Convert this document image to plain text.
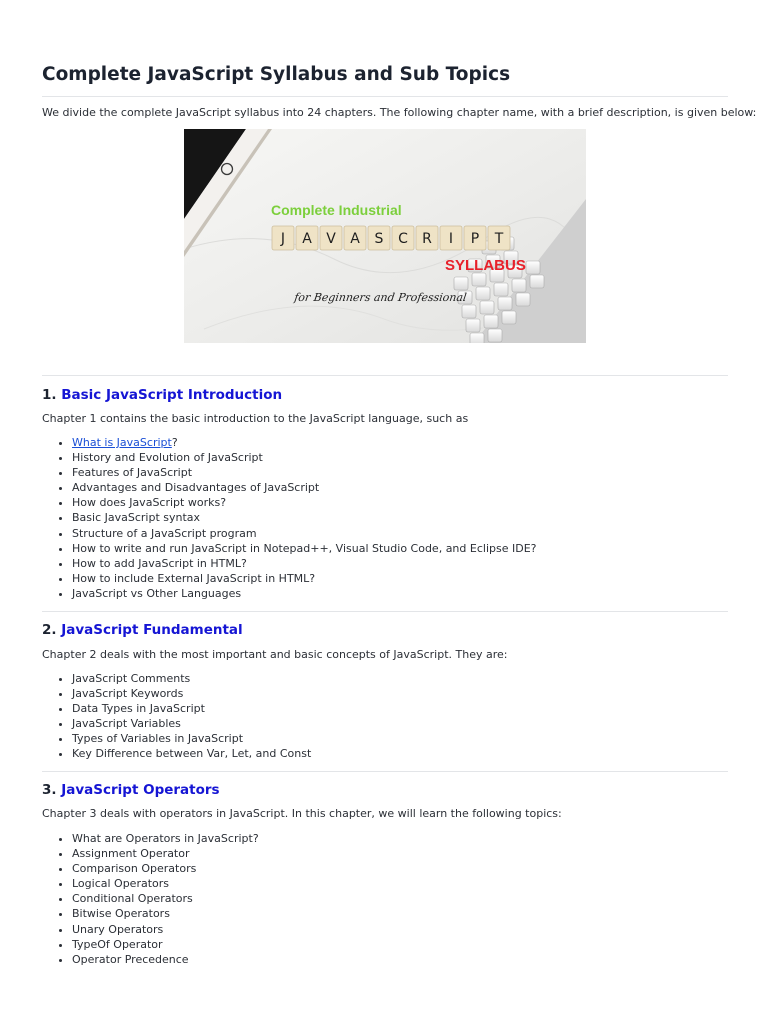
Complete JavaScript Syllabus and Sub Topics

We divide the complete JavaScript syllabus into 24 chapters. The following chapter name, with a brief description, is given below:

Complete Industrial
J A V A S C R I P T
SYLLABUS
for Beginners and Professional
1. Basic JavaScript Introduction

Chapter 1 contains the basic introduction to the JavaScript language, such as

• What is JavaScript?
• History and Evolution of JavaScript
• Features of JavaScript
• Advantages and Disadvantages of JavaScript
• How does JavaScript works?
• Basic JavaScript syntax
• Structure of a JavaScript program
• How to write and run JavaScript in Notepad++, Visual Studio Code, and Eclipse IDE?
• How to add JavaScript in HTML?
• How to include External JavaScript in HTML?
• JavaScript vs Other Languages
2. JavaScript Fundamental

Chapter 2 deals with the most important and basic concepts of JavaScript. They are:

• JavaScript Comments
• JavaScript Keywords
• Data Types in JavaScript
• JavaScript Variables
• Types of Variables in JavaScript
• Key Difference between Var, Let, and Const
3. JavaScript Operators

Chapter 3 deals with operators in JavaScript. In this chapter, we will learn the following topics:

• What are Operators in JavaScript?
• Assignment Operator
• Comparison Operators
• Logical Operators
• Conditional Operators
• Bitwise Operators
• Unary Operators
• TypeOf Operator
• Operator Precedence
